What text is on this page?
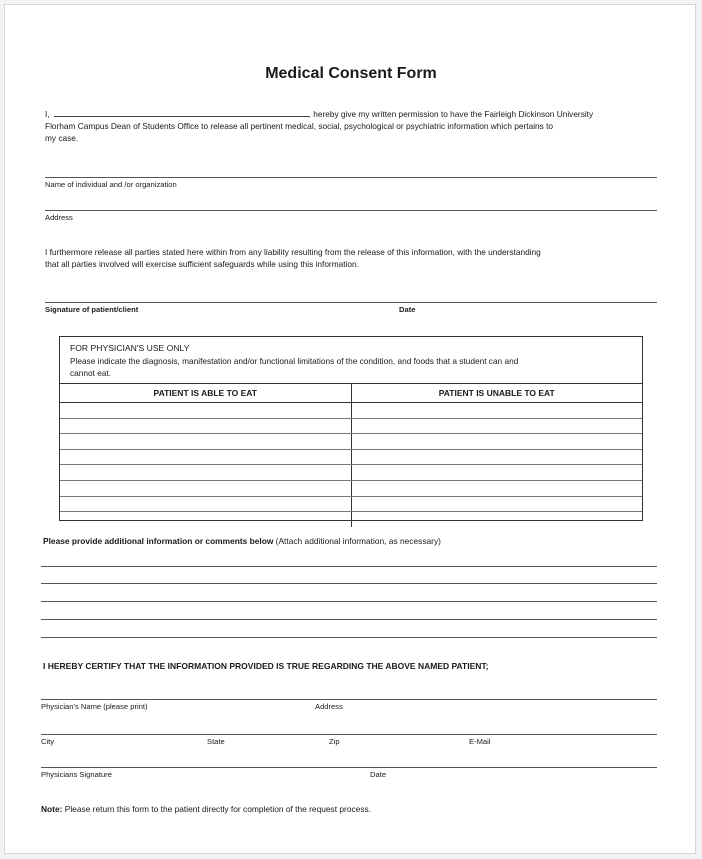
Medical Consent Form
I,	, hereby give my written permission to have the Fairleigh Dickinson University
Florham Campus Dean of Students Office to release all pertinent medical, social, psychological or psychiatric information which pertains to
my case.
Name of individual and /or organization
Address
I furthermore release all parties stated here within from any liability resulting from the release of this information, with the understanding
that all parties involved will exercise sufficient safeguards while using this information.
Signature of patient/client	Date
FOR PHYSICIAN'S USE ONLY
Please indicate the diagnosis, manifestation and/or functional limitations of the condition, and foods that a student can and
cannot eat.
PATIENT IS ABLE TO EAT	PATIENT IS UNABLE TO EAT
Please provide additional information or comments below (Attach additional information, as necessary)
I HEREBY CERTIFY THAT THE INFORMATION PROVIDED IS TRUE REGARDING THE ABOVE NAMED PATIENT;
Physician's Name (please print)	Address
City	State	Zip	E-Mail
Physicians Signature	Date
Note: Please return this form to the patient directly for completion of the request process.
